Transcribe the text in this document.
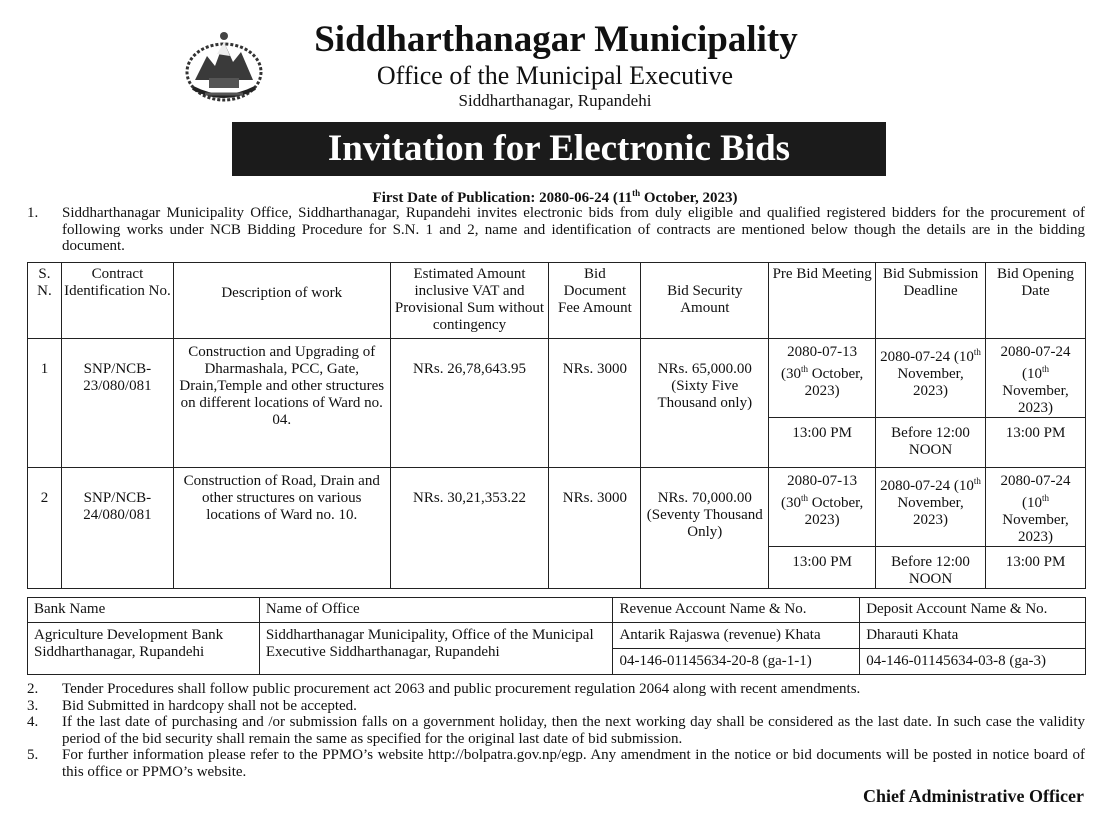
Siddharthanagar Municipality
Office of the Municipal Executive
Siddharthanagar, Rupandehi
Invitation for Electronic Bids
First Date of Publication: 2080-06-24 (11th October, 2023)
1. Siddharthanagar Municipality Office, Siddharthanagar, Rupandehi invites electronic bids from duly eligible and qualified registered bidders for the procurement of following works under NCB Bidding Procedure for S.N. 1 and 2, name and identification of contracts are mentioned below though the details are in the bidding document.
S. N.	Contract Identification No.	Description of work	Estimated Amount inclusive VAT and Provisional Sum without contingency	Bid Document Fee Amount	Bid Security Amount	Pre Bid Meeting	Bid Submission Deadline	Bid Opening Date
1	SNP/NCB-23/080/081	Construction and Upgrading of Dharmashala, PCC, Gate, Drain,Temple and other structures on different locations of Ward no. 04.	NRs. 26,78,643.95	NRs. 3000	NRs. 65,000.00 (Sixty Five Thousand only)	2080-07-13 (30th October, 2023)	2080-07-24 (10th November, 2023)	2080-07-24 (10th November, 2023)
						13:00 PM	Before 12:00 NOON	13:00 PM
2	SNP/NCB-24/080/081	Construction of Road, Drain and other structures on various locations of Ward no. 10.	NRs. 30,21,353.22	NRs. 3000	NRs. 70,000.00 (Seventy Thousand Only)	2080-07-13 (30th October, 2023)	2080-07-24 (10th November, 2023)	2080-07-24 (10th November, 2023)
						13:00 PM	Before 12:00 NOON	13:00 PM
Bank Name	Name of Office	Revenue Account Name & No.	Deposit Account Name & No.
Agriculture Development Bank Siddharthanagar, Rupandehi	Siddharthanagar Municipality, Office of the Municipal Executive Siddharthanagar, Rupandehi	Antarik Rajaswa (revenue) Khata	Dharauti Khata
		04-146-01145634-20-8 (ga-1-1)	04-146-01145634-03-8 (ga-3)
2. Tender Procedures shall follow public procurement act 2063 and public procurement regulation 2064 along with recent amendments.
3. Bid Submitted in hardcopy shall not be accepted.
4. If the last date of purchasing and /or submission falls on a government holiday, then the next working day shall be considered as the last date. In such case the validity period of the bid security shall remain the same as specified for the original last date of bid submission.
5. For further information please refer to the PPMO’s website http://bolpatra.gov.np/egp. Any amendment in the notice or bid documents will be posted in notice board of this office or PPMO’s website.
Chief Administrative Officer
